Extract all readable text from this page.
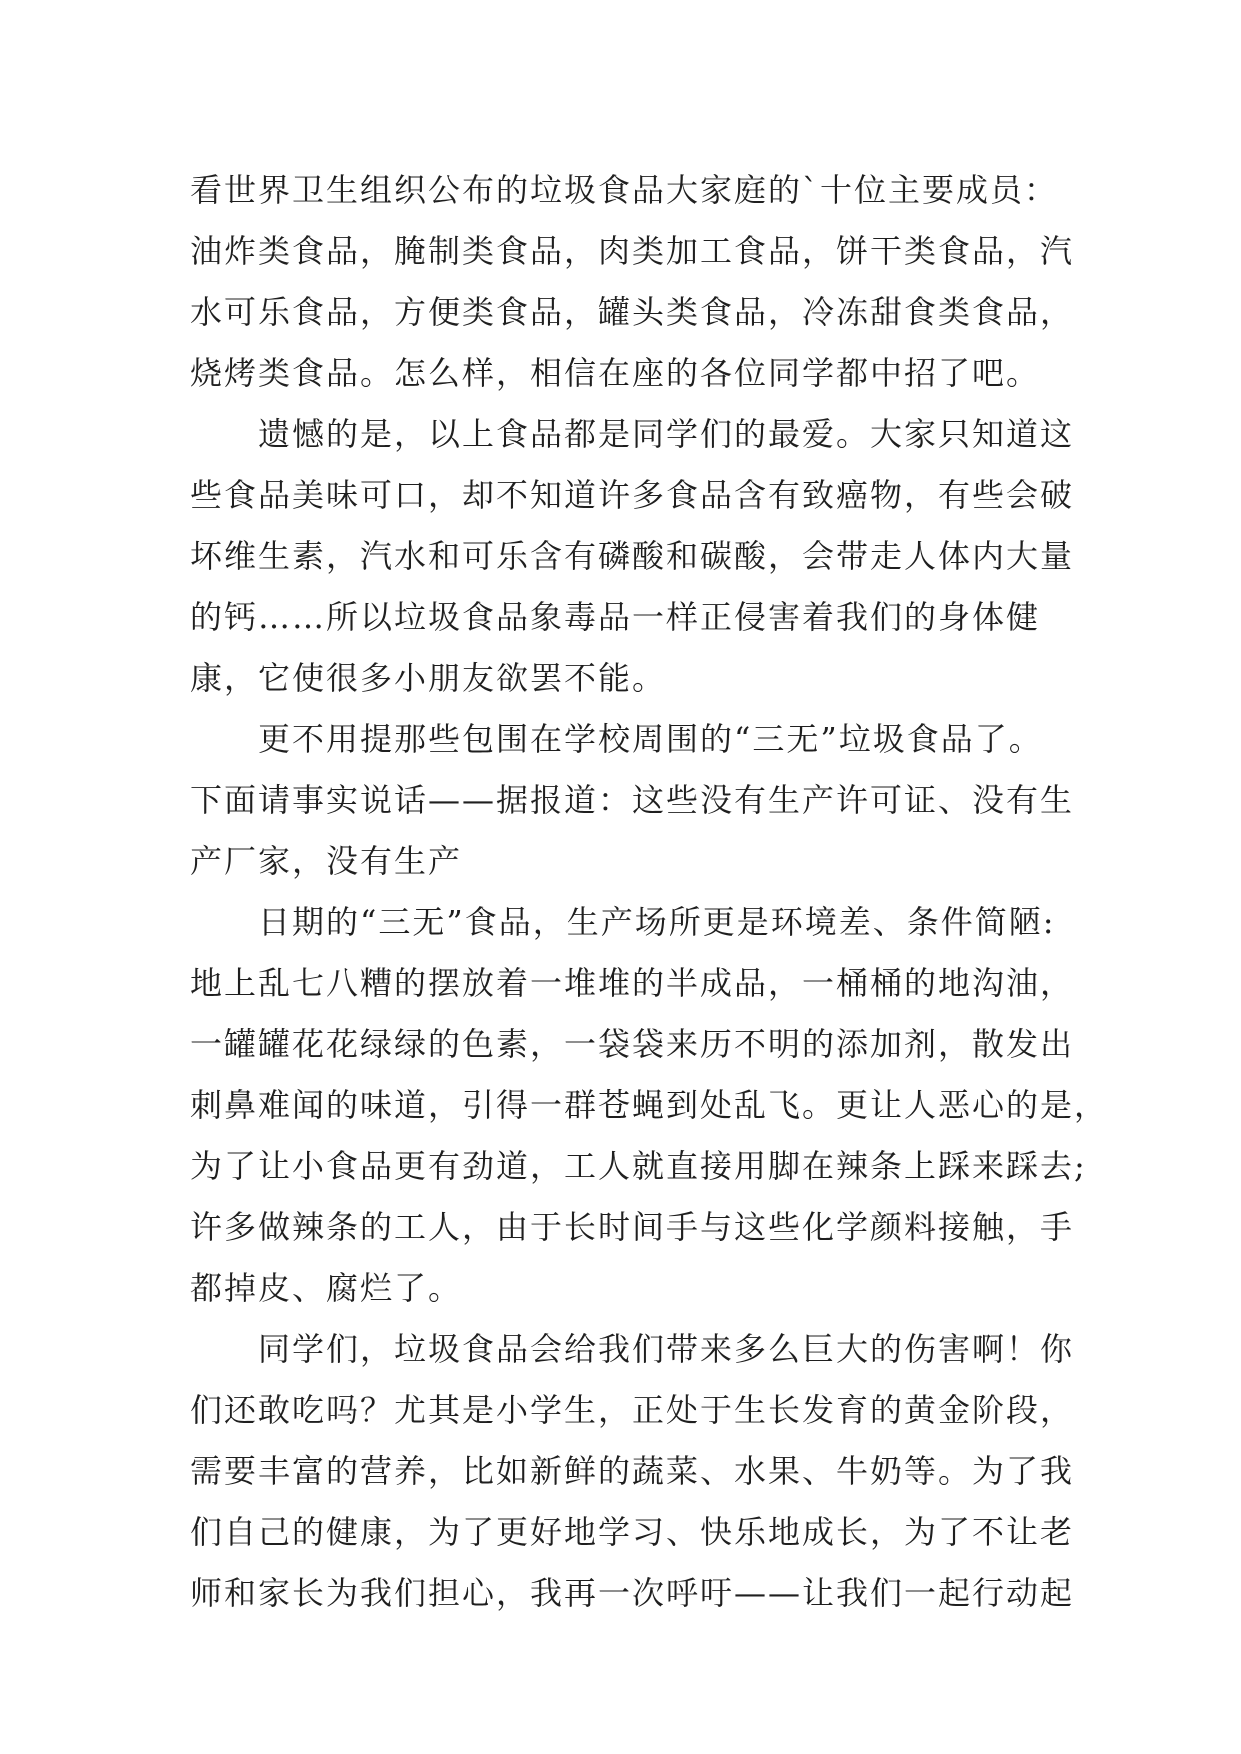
看世界卫生组织公布的垃圾食品大家庭的`十位主要成员：
油炸类食品，腌制类食品，肉类加工食品，饼干类食品，汽
水可乐食品，方便类食品，罐头类食品，冷冻甜食类食品，
烧烤类食品。怎么样，相信在座的各位同学都中招了吧。
遗憾的是，以上食品都是同学们的最爱。大家只知道这
些食品美味可口，却不知道许多食品含有致癌物，有些会破
坏维生素，汽水和可乐含有磷酸和碳酸，会带走人体内大量
的钙……所以垃圾食品象毒品一样正侵害着我们的身体健
康，它使很多小朋友欲罢不能。
更不用提那些包围在学校周围的“三无”垃圾食品了。
下面请事实说话——据报道：这些没有生产许可证、没有生
产厂家，没有生产
日期的“三无”食品，生产场所更是环境差、条件简陋:
地上乱七八糟的摆放着一堆堆的半成品，一桶桶的地沟油，
一罐罐花花绿绿的色素，一袋袋来历不明的添加剂，散发出
刺鼻难闻的味道，引得一群苍蝇到处乱飞。更让人恶心的是，
为了让小食品更有劲道，工人就直接用脚在辣条上踩来踩去;
许多做辣条的工人，由于长时间手与这些化学颜料接触，手
都掉皮、腐烂了。
同学们，垃圾食品会给我们带来多么巨大的伤害啊！你
们还敢吃吗？尤其是小学生，正处于生长发育的黄金阶段，
需要丰富的营养，比如新鲜的蔬菜、水果、牛奶等。为了我
们自己的健康，为了更好地学习、快乐地成长，为了不让老
师和家长为我们担心，我再一次呼吁——让我们一起行动起
